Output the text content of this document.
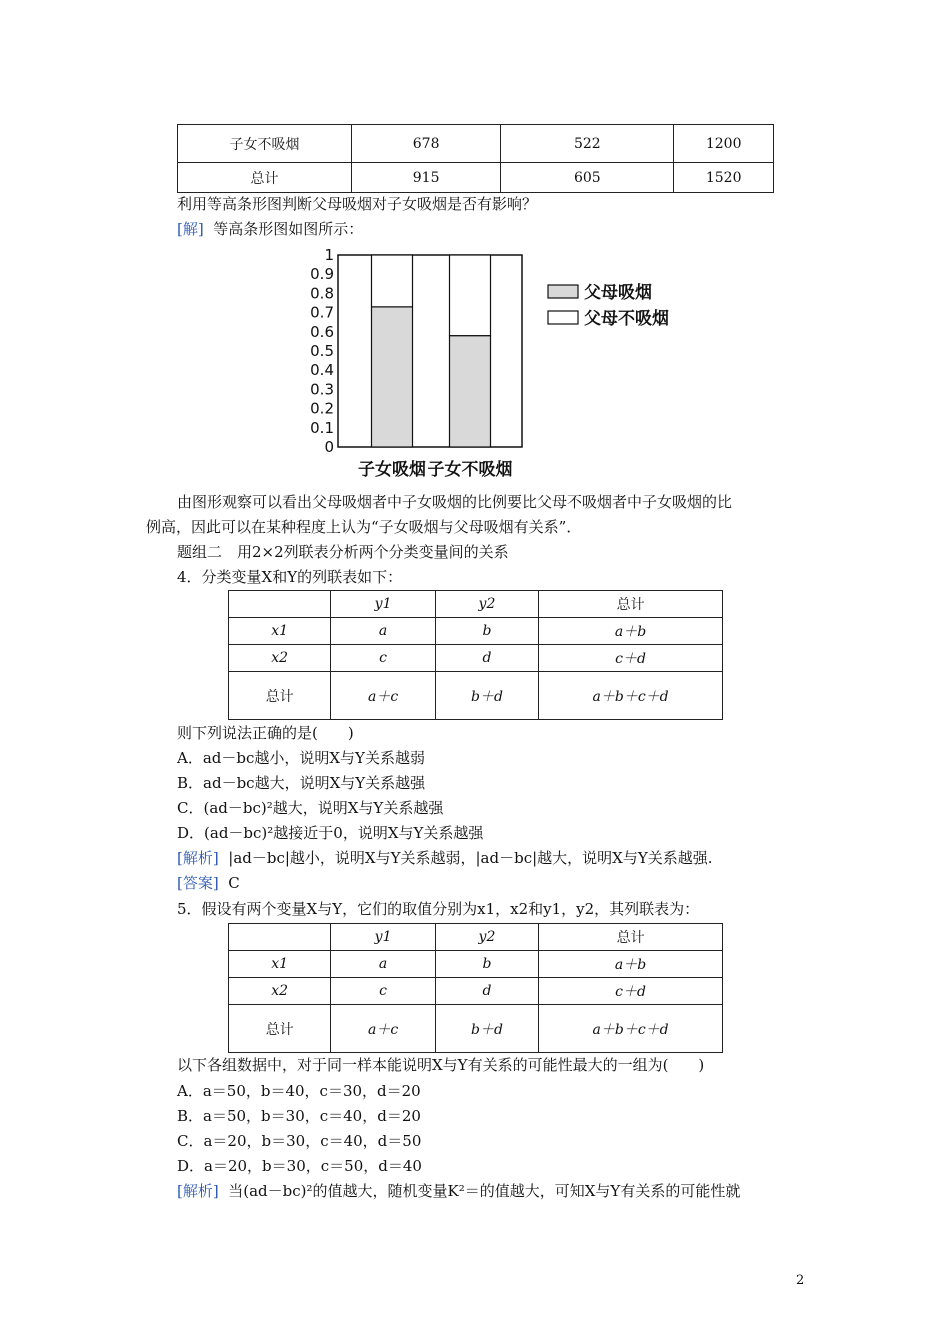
子女不吸烟	678	522	1200
总计	915	605	1520
利用等高条形图判断父母吸烟对子女吸烟是否有影响？
[解] 等高条形图如图所示：
0
0.1
0.2
0.3
0.4
0.5
0.6
0.7
0.8
0.9
1
子女吸烟 子女不吸烟
父母吸烟
父母不吸烟
由图形观察可以看出父母吸烟者中子女吸烟的比例要比父母不吸烟者中子女吸烟的比
例高，因此可以在某种程度上认为“子女吸烟与父母吸烟有关系”．
题组二　用2×2列联表分析两个分类变量间的关系
4．分类变量X和Y的列联表如下：
	y1	y2	总计
x1	a	b	a＋b
x2	c	d	c＋d
总计	a＋c	b＋d	a＋b＋c＋d
则下列说法正确的是(　　)
A．ad－bc越小，说明X与Y关系越弱
B．ad－bc越大，说明X与Y关系越强
C．(ad－bc)²越大，说明X与Y关系越强
D．(ad－bc)²越接近于0，说明X与Y关系越强
[解析] |ad－bc|越小，说明X与Y关系越弱，|ad－bc|越大，说明X与Y关系越强.
[答案] C
5．假设有两个变量X与Y，它们的取值分别为x1，x2和y1，y2，其列联表为：
	y1	y2	总计
x1	a	b	a＋b
x2	c	d	c＋d
总计	a＋c	b＋d	a＋b＋c＋d
以下各组数据中，对于同一样本能说明X与Y有关系的可能性最大的一组为(　　)
A．a＝50，b＝40，c＝30，d＝20
B．a＝50，b＝30，c＝40，d＝20
C．a＝20，b＝30，c＝40，d＝50
D．a＝20，b＝30，c＝50，d＝40
[解析] 当(ad－bc)²的值越大，随机变量K²＝的值越大，可知X与Y有关系的可能性就
2
